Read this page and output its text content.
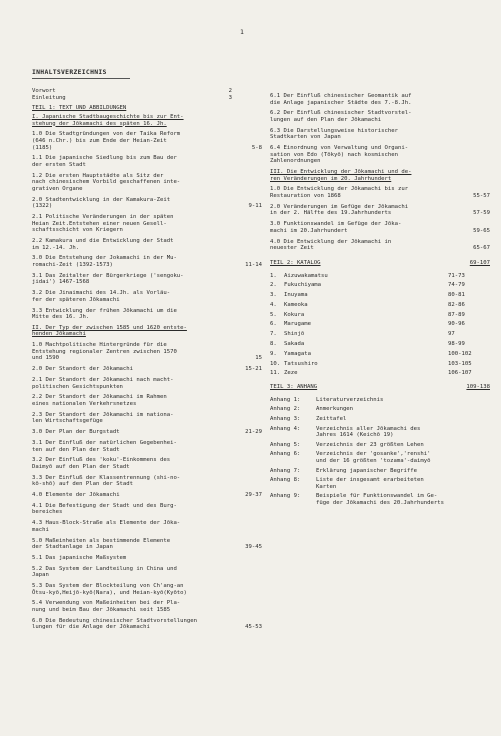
1
INHALTSVERZEICHNIS
Vorwort	2
Einleitung	3
TEIL 1: TEXT UND ABBILDUNGEN
I. Japanische Stadtbaugeschichte bis zur Ent-
stehung der Jōkamachi des späten 16. Jh.
1.0 Die Stadtgründungen von der Taika Reform
(646 n.Chr.) bis zum Ende der Heian-Zeit
(1185)	5-8
1.1 Die japanische Siedlung bis zum Bau der
der ersten Stadt
1.2 Die ersten Hauptstädte als Sitz der
nach chinesischem Vorbild geschaffenen inte-
grativen Organe
2.0 Stadtentwicklung in der Kamakura-Zeit
(1322)	9-11
2.1 Politische Veränderungen in der späten
Heian Zeit.Entstehen einer neuen Gesell-
schaftsschicht von Kriegern
2.2 Kamakura und die Entwicklung der Stadt
im 12.-14. Jh.
3.0 Die Entstehung der Jokamachi in der Mu-
romachi-Zeit (1392-1573)	11-14
3.1 Das Zeitalter der Bürgerkriege ('sengoku-
jidai') 1467-1568
3.2 Die Jinaimachi des 14.Jh. als Vorläu-
fer der späteren Jōkamachi
3.3 Entwicklung der frühen Jōkamachi um die
Mitte des 16. Jh.
II. Der Typ der zwischen 1585 und 1620 entste-
henden Jōkamachi
1.0 Machtpolitische Hintergründe für die
Entstehung regionaler Zentren zwischen 1570
und 1590	15
2.0 Der Standort der Jōkamachi	15-21
2.1 Der Standort der Jōkamachi nach macht-
politischen Gesichtspunkten
2.2 Der Standort der Jōkamachi im Rahmen
eines nationalen Verkehrsnetzes
2.3 Der Standort der Jōkamachi im nationa-
len Wirtschaftsgefüge
3.0 Der Plan der Burgstadt	21-29
3.1 Der Einfluß der natürlichen Gegebenhei-
ten auf den Plan der Stadt
3.2 Der Einfluß des 'koku'-Einkommens des
Daimyō auf den Plan der Stadt
3.3 Der Einfluß der Klassentrennung (shi-no-
kō-shō) auf den Plan der Stadt
4.0 Elemente der Jōkamachi	29-37
4.1 Die Befestigung der Stadt und des Burg-
bereiches
4.3 Haus-Block-Straße als Elemente der Jōka-
machi
5.0 Maßeinheiten als bestimmende Elemente
der Stadtanlage in Japan	39-45
5.1 Das japanische Maßsystem
5.2 Das System der Landteilung in China und
Japan
5.3 Das System der Blockteilung von Ch'ang-an
Ōtsu-kyō,Heijō-kyō(Nara), und Heian-kyō(Kyōto)
5.4 Verwendung von Maßeinheiten bei der Pla-
nung und beim Bau der Jōkamachi seit 1585
6.0 Die Bedeutung chinesischer Stadtvorstellungen
lungen für die Anlage der Jōkamachi	45-53
6.1 Der Einfluß chinesischer Geomantik auf
die Anlage japanischer Städte des 7.-8.Jh.
6.2 Der Einfluß chinesischer Stadtvorstel-
lungen auf den Plan der Jōkamachi
6.3 Die Darstellungsweise historischer
Stadtkarten von Japan
6.4 Einordnung von Verwaltung und Organi-
sation von Edo (Tōkyō) nach kosmischen
Zahlenordnungen
III. Die Entwicklung der Jōkamachi und de-
ren Veränderungen im 20. Jahrhundert
1.0 Die Entwicklung der Jōkamachi bis zur
Restauration von 1868	55-57
2.0 Veränderungen im Gefüge der Jōkamachi
in der 2. Hälfte des 19.Jahrhunderts	57-59
3.0 Funktionswandel im Gefüge der Jōka-
machi im 20.Jahrhundert	59-65
4.0 Die Entwicklung der Jōkamachi in
neuester Zeit	65-67
TEIL 2: KATALOG	69-107
1.	Aizuwakamatsu	71-73
2.	Fukuchiyama	74-79
3.	Inuyama	80-81
4.	Kameoka	82-86
5.	Kokura	87-89
6.	Marugame	90-96
7.	Shinjō	97
8.	Sakada	98-99
9.	Yamagata	100-102
10. Tatsushiro	103-105
11. Zeze	106-107
TEIL 3: ANHANG	109-138
Anhang 1:	Literaturverzeichnis
Anhang 2:	Anmerkungen
Anhang 3:	Zeittafel
Anhang 4:	Verzeichnis aller Jōkamachi des
Jahres 1614 (Keichō 19)
Anhang 5:	Verzeichnis der 23 größten Lehen
Anhang 6:	Verzeichnis der 'gosanke','renshi'
und der 16 größten 'tozama'-daimyō
Anhang 7:	Erklärung japanischer Begriffe
Anhang 8:	Liste der insgesamt erarbeiteten
Karten
Anhang 9:	Beispiele für Funktionswandel im Ge-
füge der Jōkamachi des 20.Jahrhunderts
